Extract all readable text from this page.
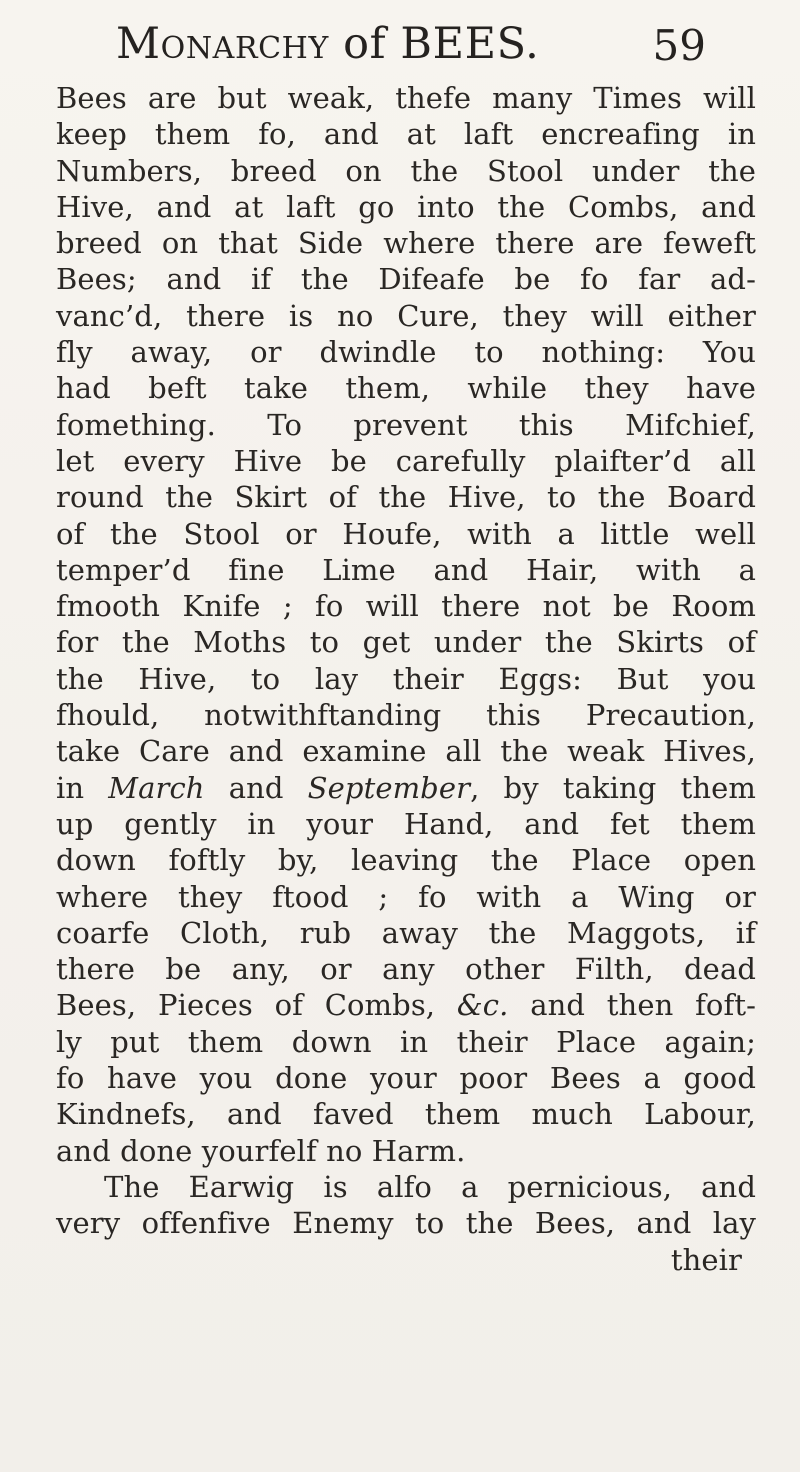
Monarchy of BEES.	59
Bees are but weak, thefe many Times will
keep them fo, and at laft encreafing in
Numbers, breed on the Stool under the
Hive, and at laft go into the Combs, and
breed on that Side where there are feweft
Bees; and if the Difeafe be fo far ad-
vanc’d, there is no Cure, they will either
fly away, or dwindle to nothing: You
had beft take them, while they have
fomething. To prevent this Mifchief,
let every Hive be carefully plaifter’d all
round the Skirt of the Hive, to the Board
of the Stool or Houfe, with a little well
temper’d fine Lime and Hair, with a
fmooth Knife ; fo will there not be Room
for the Moths to get under the Skirts of
the Hive, to lay their Eggs: But you
fhould, notwithftanding this Precaution,
take Care and examine all the weak Hives,
in March and September, by taking them
up gently in your Hand, and fet them
down foftly by, leaving the Place open
where they ftood ; fo with a Wing or
coarfe Cloth, rub away the Maggots, if
there be any, or any other Filth, dead
Bees, Pieces of Combs, &c. and then foft-
ly put them down in their Place again;
fo have you done your poor Bees a good
Kindnefs, and faved them much Labour,
and done yourfelf no Harm.
The Earwig is alfo a pernicious, and
very offenfive Enemy to the Bees, and lay
their
